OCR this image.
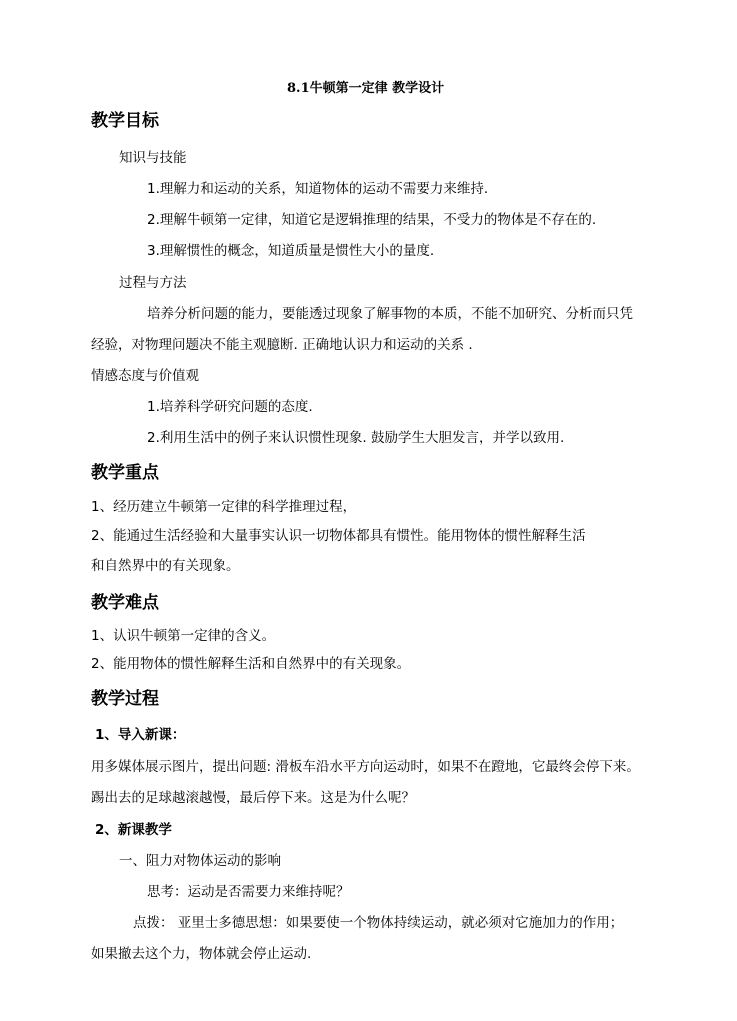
8.1牛顿第一定律 教学设计
教学目标
知识与技能
1.理解力和运动的关系，知道物体的运动不需要力来维持.
2.理解牛顿第一定律，知道它是逻辑推理的结果，不受力的物体是不存在的.
3.理解惯性的概念，知道质量是惯性大小的量度.
过程与方法
培养分析问题的能力，要能透过现象了解事物的本质，不能不加研究、分析而只凭
经验，对物理问题决不能主观臆断. 正确地认识力和运动的关系 .
情感态度与价值观
1.培养科学研究问题的态度.
2.利用生活中的例子来认识惯性现象. 鼓励学生大胆发言，并学以致用.
教学重点
1、经历建立牛顿第一定律的科学推理过程，
2、能通过生活经验和大量事实认识一切物体都具有惯性。能用物体的惯性解释生活
和自然界中的有关现象。
教学难点
1、认识牛顿第一定律的含义。
2、能用物体的惯性解释生活和自然界中的有关现象。
教学过程
1、导入新课：
用多媒体展示图片，提出问题: 滑板车沿水平方向运动时，如果不在蹬地，它最终会停下来。
踢出去的足球越滚越慢，最后停下来。这是为什么呢？
2、新课教学
一、阻力对物体运动的影响
思考：运动是否需要力来维持呢？
点拨： 亚里士多德思想：如果要使一个物体持续运动，就必须对它施加力的作用；
如果撤去这个力，物体就会停止运动.
